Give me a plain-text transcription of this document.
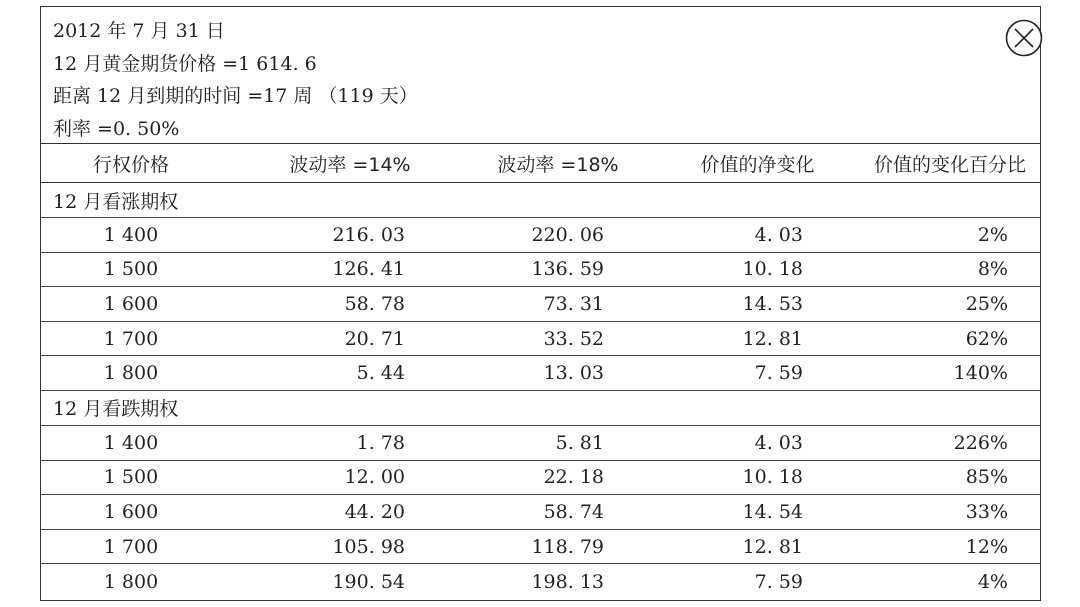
2012 年 7 月 31 日
12 月黄金期货价格 =1 614. 6
距离 12 月到期的时间 =17 周 （119 天）
利率 =0. 50%
行权价格	波动率 =14%	波动率 =18%	价值的净变化	价值的变化百分比
12 月看涨期权
1 400	216. 03	220. 06	4. 03	2%
1 500	126. 41	136. 59	10. 18	8%
1 600	58. 78	73. 31	14. 53	25%
1 700	20. 71	33. 52	12. 81	62%
1 800	5. 44	13. 03	7. 59	140%
12 月看跌期权
1 400	1. 78	5. 81	4. 03	226%
1 500	12. 00	22. 18	10. 18	85%
1 600	44. 20	58. 74	14. 54	33%
1 700	105. 98	118. 79	12. 81	12%
1 800	190. 54	198. 13	7. 59	4%
